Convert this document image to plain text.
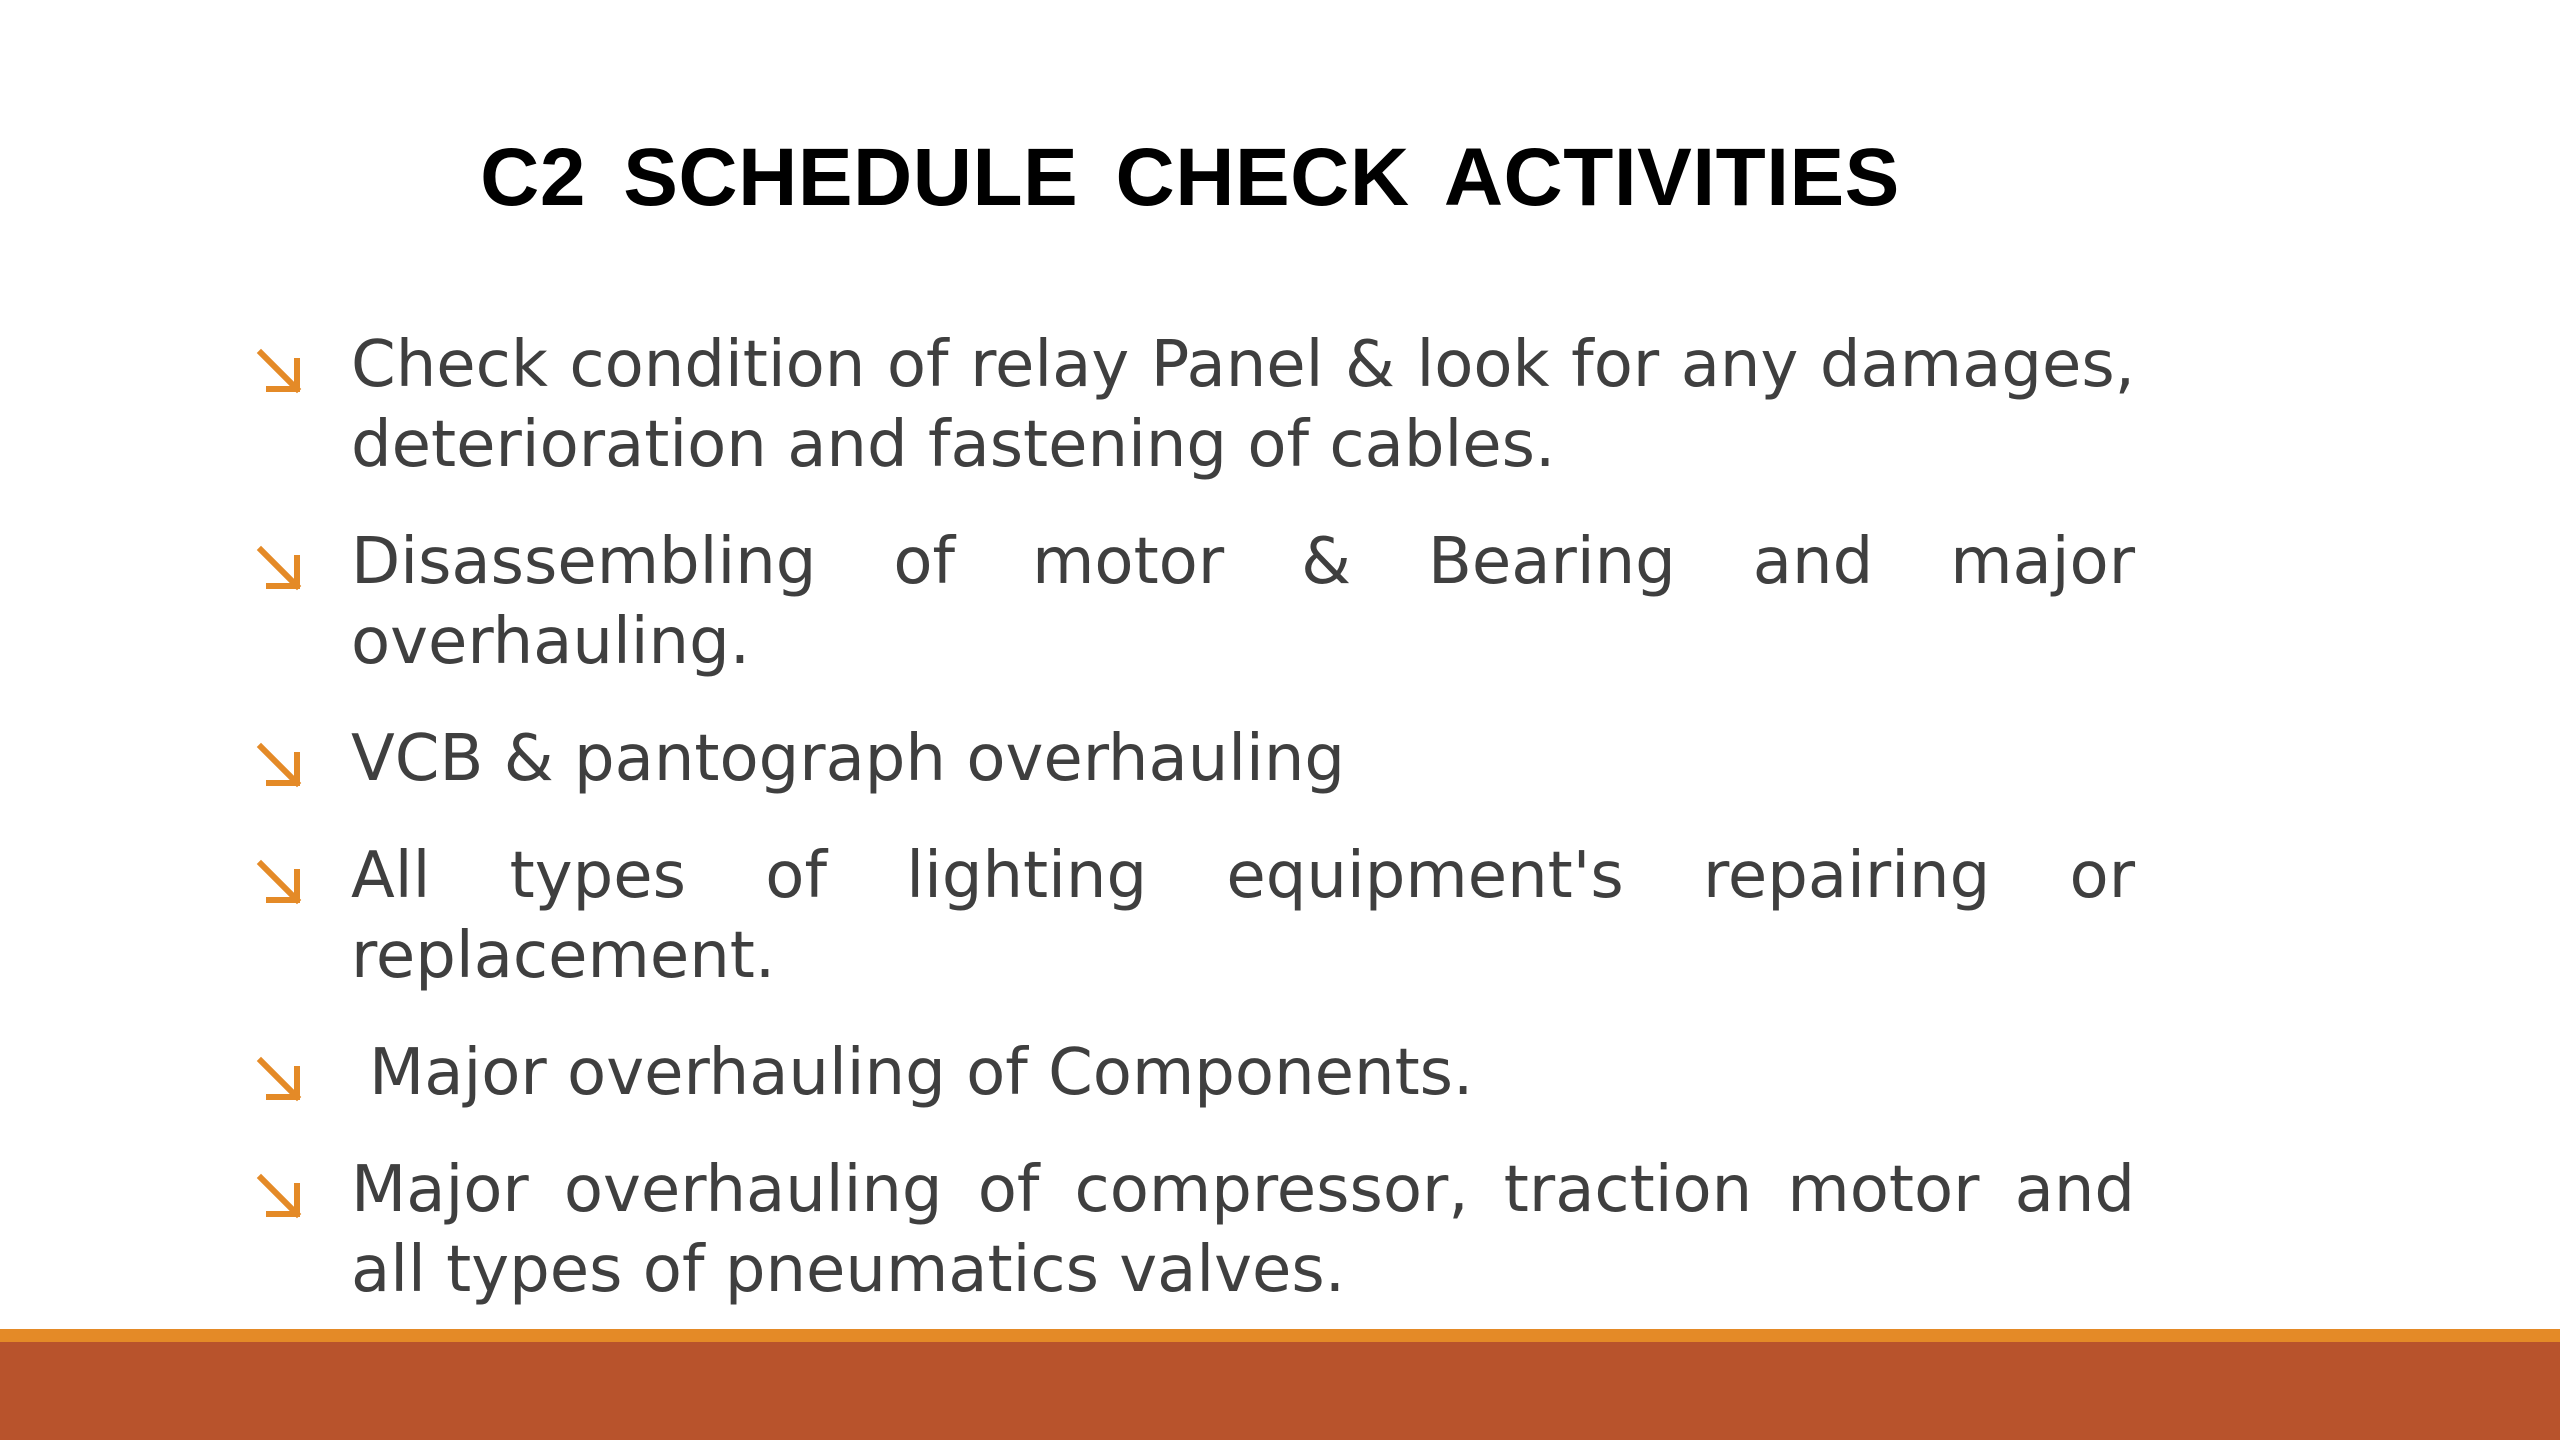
C2 SCHEDULE CHECK ACTIVITIES
Check condition of relay Panel & look for any damages, deterioration and fastening of cables.
Disassembling of motor & Bearing and major overhauling.
VCB & pantograph overhauling
All types of lighting equipment's repairing or replacement.
Major overhauling of Components.
Major overhauling of compressor, traction motor and all types of pneumatics valves.
